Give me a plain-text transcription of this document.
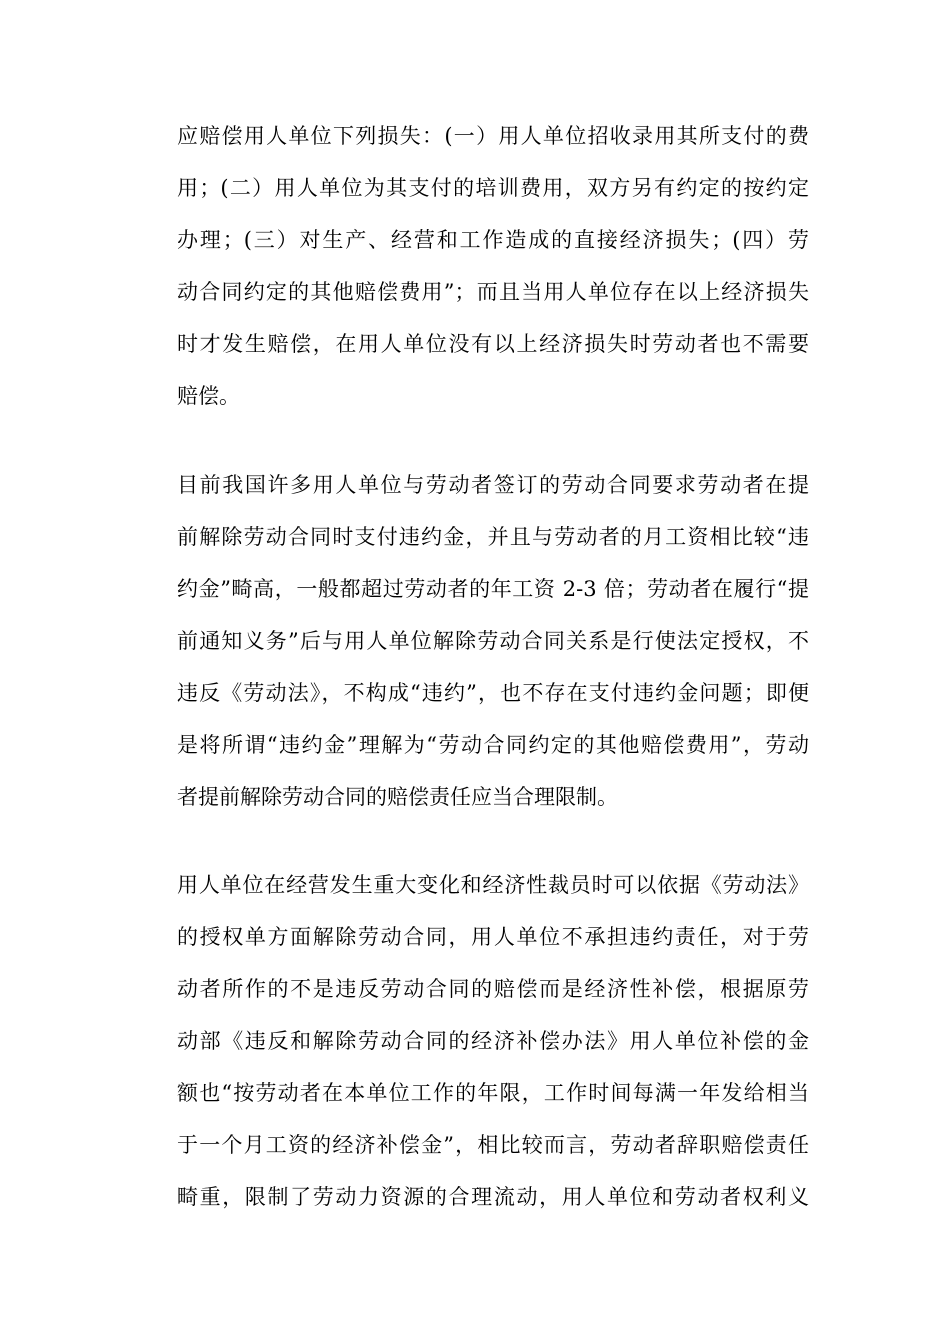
应赔偿用人单位下列损失：(一）用人单位招收录用其所支付的费
用；(二）用人单位为其支付的培训费用，双方另有约定的按约定
办理；(三）对生产、经营和工作造成的直接经济损失；(四）劳
动合同约定的其他赔偿费用”；而且当用人单位存在以上经济损失
时才发生赔偿，在用人单位没有以上经济损失时劳动者也不需要
赔偿。
目前我国许多用人单位与劳动者签订的劳动合同要求劳动者在提
前解除劳动合同时支付违约金，并且与劳动者的月工资相比较“违
约金”畸高，一般都超过劳动者的年工资 2-3 倍；劳动者在履行“提
前通知义务”后与用人单位解除劳动合同关系是行使法定授权，不
违反《劳动法》，不构成“违约”，也不存在支付违约金问题；即便
是将所谓“违约金”理解为“劳动合同约定的其他赔偿费用”，劳动
者提前解除劳动合同的赔偿责任应当合理限制。
用人单位在经营发生重大变化和经济性裁员时可以依据《劳动法》
的授权单方面解除劳动合同，用人单位不承担违约责任，对于劳
动者所作的不是违反劳动合同的赔偿而是经济性补偿，根据原劳
动部《违反和解除劳动合同的经济补偿办法》用人单位补偿的金
额也“按劳动者在本单位工作的年限，工作时间每满一年发给相当
于一个月工资的经济补偿金”，相比较而言，劳动者辞职赔偿责任
畸重，限制了劳动力资源的合理流动，用人单位和劳动者权利义
